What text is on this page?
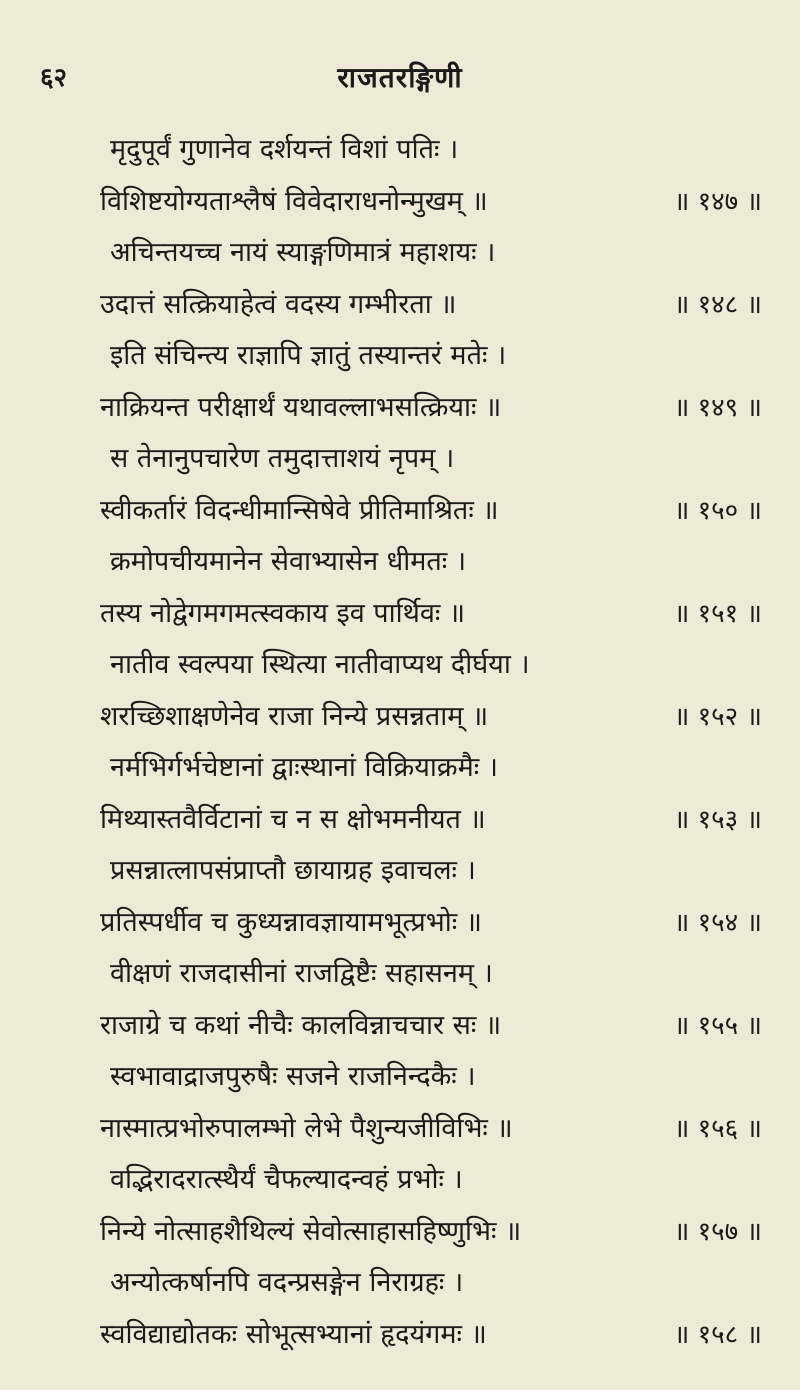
६२	राजतरङ्गिणी
मृदुपूर्वं गुणानेव दर्शयन्तं विशां पतिः ।
विशिष्टयोग्यताश्लैषं विवेदाराधनोन्मुखम् ॥	॥ १४७ ॥
अचिन्तयच्च नायं स्याङ्गणिमात्रं महाशयः ।
उदात्तं सत्क्रियाहेत्वं वदस्य गम्भीरता ॥	॥ १४८ ॥
इति संचिन्त्य राज्ञापि ज्ञातुं तस्यान्तरं मतेः ।
नाक्रियन्त परीक्षार्थं यथावल्लाभसत्क्रियाः ॥	॥ १४९ ॥
स तेनानुपचारेण तमुदात्ताशयं नृपम् ।
स्वीकर्तारं विदन्धीमान्सिषेवे प्रीतिमाश्रितः ॥	॥ १५० ॥
क्रमोपचीयमानेन सेवाभ्यासेन धीमतः ।
तस्य नोद्वेगमगमत्स्वकाय इव पार्थिवः ॥	॥ १५१ ॥
नातीव स्वल्पया स्थित्या नातीवाप्यथ दीर्घया ।
शरच्छिशाक्षणेनेव राजा निन्ये प्रसन्नताम् ॥	॥ १५२ ॥
नर्मभिर्गर्भचेष्टानां द्वाःस्थानां विक्रियाक्रमैः ।
मिथ्यास्तवैर्विटानां च न स क्षोभमनीयत ॥	॥ १५३ ॥
प्रसन्नात्लापसंप्राप्तौ छायाग्रह इवाचलः ।
प्रतिस्पर्धीव च कुध्यन्नावज्ञायामभूत्प्रभोः ॥	॥ १५४ ॥
वीक्षणं राजदासीनां राजद्विष्टैः सहासनम् ।
राजाग्रे च कथां नीचैः कालविन्नाचचार सः ॥	॥ १५५ ॥
स्वभावाद्राजपुरुषैः सजने राजनिन्दकैः ।
नास्मात्प्रभोरुपालम्भो लेभे पैशुन्यजीविभिः ॥	॥ १५६ ॥
वद्भिरादरात्स्थैर्यं चैफल्यादन्वहं प्रभोः ।
निन्ये नोत्साहशैथिल्यं सेवोत्साहासहिष्णुभिः ॥	॥ १५७ ॥
अन्योत्कर्षानपि वदन्प्रसङ्गेन निराग्रहः ।
स्वविद्याद्योतकः सोभूत्सभ्यानां हृदयंगमः ॥	॥ १५८ ॥
